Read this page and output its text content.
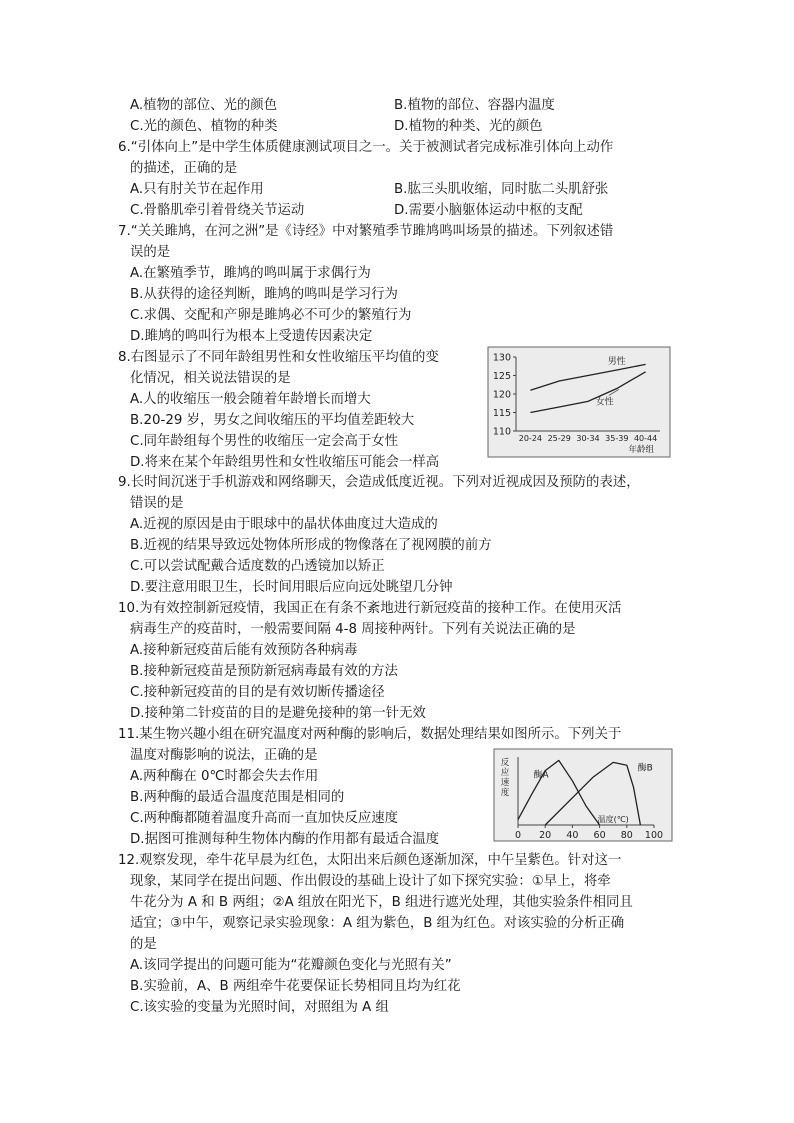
A.植物的部位、光的颜色	B.植物的部位、容器内温度
C.光的颜色、植物的种类	D.植物的种类、光的颜色
6.“引体向上”是中学生体质健康测试项目之一。关于被测试者完成标准引体向上动作
的描述，正确的是
A.只有肘关节在起作用	B.肱三头肌收缩，同时肱二头肌舒张
C.骨骼肌牵引着骨绕关节运动	D.需要小脑躯体运动中枢的支配
7.“关关雎鸠，在河之洲”是《诗经》中对繁殖季节雎鸠鸣叫场景的描述。下列叙述错
误的是
A.在繁殖季节，雎鸠的鸣叫属于求偶行为
B.从获得的途径判断，雎鸠的鸣叫是学习行为
C.求偶、交配和产卵是雎鸠必不可少的繁殖行为
D.雎鸠的鸣叫行为根本上受遗传因素决定
8.右图显示了不同年龄组男性和女性收缩压平均值的变
化情况，相关说法错误的是
A.人的收缩压一般会随着年龄增长而增大
B.20-29 岁，男女之间收缩压的平均值差距较大
C.同年龄组每个男性的收缩压一定会高于女性
D.将来在某个年龄组男性和女性收缩压可能会一样高
110
115
120
125
130
20-24 25-29 30-34 35-39 40-44
年龄组
男性
女性
9.长时间沉迷于手机游戏和网络聊天，会造成低度近视。下列对近视成因及预防的表述，
错误的是
A.近视的原因是由于眼球中的晶状体曲度过大造成的
B.近视的结果导致远处物体所形成的物像落在了视网膜的前方
C.可以尝试配戴合适度数的凸透镜加以矫正
D.要注意用眼卫生，长时间用眼后应向远处眺望几分钟
10.为有效控制新冠疫情，我国正在有条不紊地进行新冠疫苗的接种工作。在使用灭活
病毒生产的疫苗时，一般需要间隔 4-8 周接种两针。下列有关说法正确的是
A.接种新冠疫苗后能有效预防各种病毒
B.接种新冠疫苗是预防新冠病毒最有效的方法
C.接种新冠疫苗的目的是有效切断传播途径
D.接种第二针疫苗的目的是避免接种的第一针无效
11.某生物兴趣小组在研究温度对两种酶的影响后，数据处理结果如图所示。下列关于
温度对酶影响的说法，正确的是
A.两种酶在 0℃时都会失去作用
B.两种酶的最适合温度范围是相同的
C.两种酶都随着温度升高而一直加快反应速度
D.据图可推测每种生物体内酶的作用都有最适合温度	0 20 40 60 80 100
反
应
速
度
温度(℃)
酶A
酶B
12.观察发现，牵牛花早晨为红色，太阳出来后颜色逐渐加深，中午呈紫色。针对这一
现象，某同学在提出问题、作出假设的基础上设计了如下探究实验：①早上，将牵
牛花分为 A 和 B 两组；②A 组放在阳光下，B 组进行遮光处理，其他实验条件相同且
适宜；③中午，观察记录实验现象：A 组为紫色，B 组为红色。对该实验的分析正确
的是
A.该同学提出的问题可能为“花瓣颜色变化与光照有关”
B.实验前，A、B 两组牵牛花要保证长势相同且均为红花
C.该实验的变量为光照时间，对照组为 A 组
